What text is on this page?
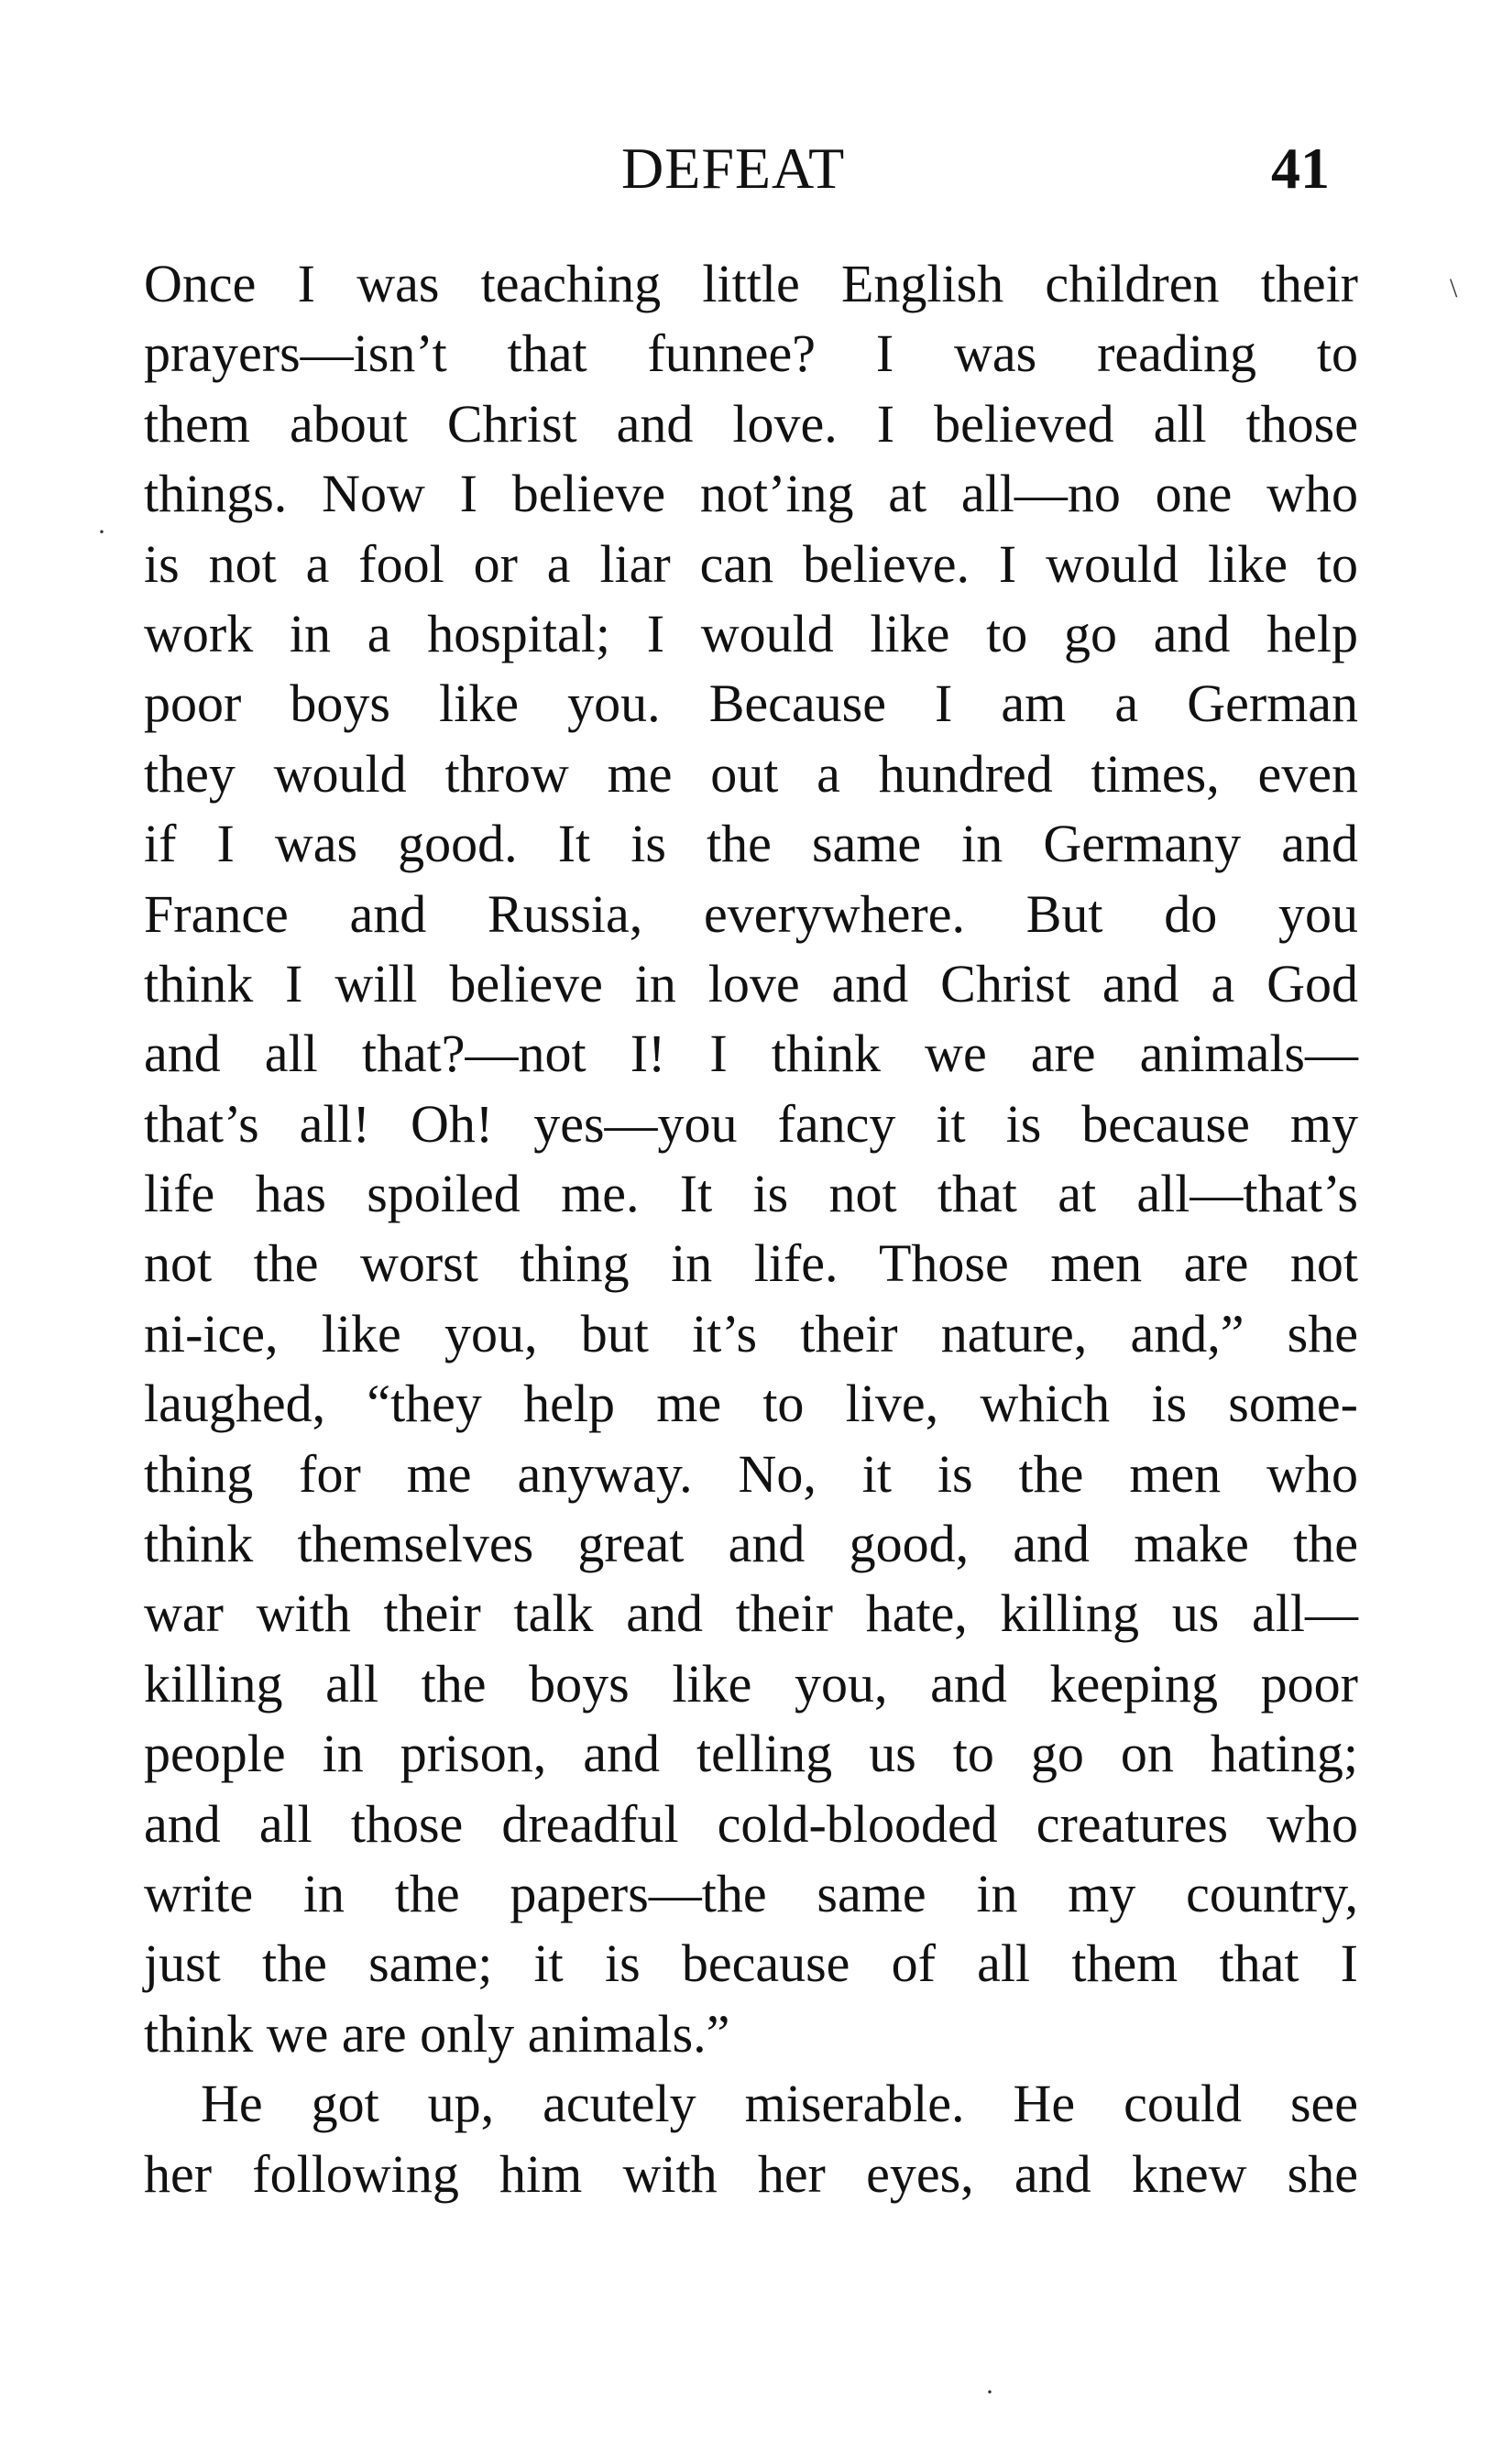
DEFEAT	41
Once I was teaching little English children their
prayers—isn’t that funnee? I was reading to
them about Christ and love. I believed all those
things. Now I believe not’ing at all—no one who
is not a fool or a liar can believe. I would like to
work in a hospital; I would like to go and help
poor boys like you. Because I am a German
they would throw me out a hundred times, even
if I was good. It is the same in Germany and
France and Russia, everywhere. But do you
think I will believe in love and Christ and a God
and all that?—not I! I think we are animals—
that’s all! Oh! yes—you fancy it is because my
life has spoiled me. It is not that at all—that’s
not the worst thing in life. Those men are not
ni-ice, like you, but it’s their nature, and,” she
laughed, “they help me to live, which is some-
thing for me anyway. No, it is the men who
think themselves great and good, and make the
war with their talk and their hate, killing us all—
killing all the boys like you, and keeping poor
people in prison, and telling us to go on hating;
and all those dreadful cold-blooded creatures who
write in the papers—the same in my country,
just the same; it is because of all them that I
think we are only animals.”
He got up, acutely miserable. He could see
her following him with her eyes, and knew she
\
·
·
